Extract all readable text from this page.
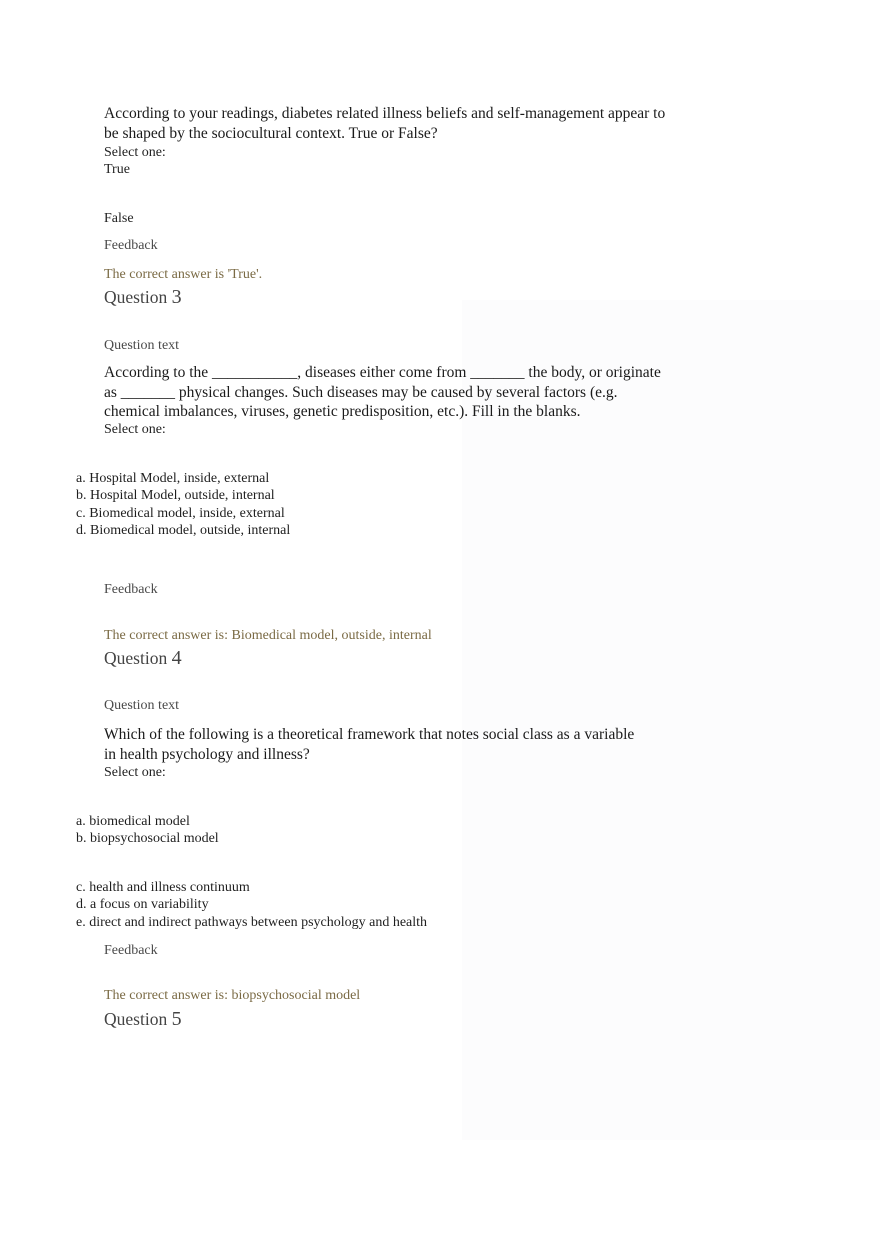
According to your readings, diabetes related illness beliefs and self-management appear to
be shaped by the sociocultural context. True or False?
Select one:
True
False
Feedback
The correct answer is 'True'.
Question 3
Question text
According to the ___________, diseases either come from _______ the body, or originate
as _______ physical changes. Such diseases may be caused by several factors (e.g.
chemical imbalances, viruses, genetic predisposition, etc.). Fill in the blanks.
Select one:
a. Hospital Model, inside, external
b. Hospital Model, outside, internal
c. Biomedical model, inside, external
d. Biomedical model, outside, internal
Feedback
The correct answer is: Biomedical model, outside, internal
Question 4
Question text
Which of the following is a theoretical framework that notes social class as a variable
in health psychology and illness?
Select one:
a. biomedical model
b. biopsychosocial model
c. health and illness continuum
d. a focus on variability
e. direct and indirect pathways between psychology and health
Feedback
The correct answer is: biopsychosocial model
Question 5
